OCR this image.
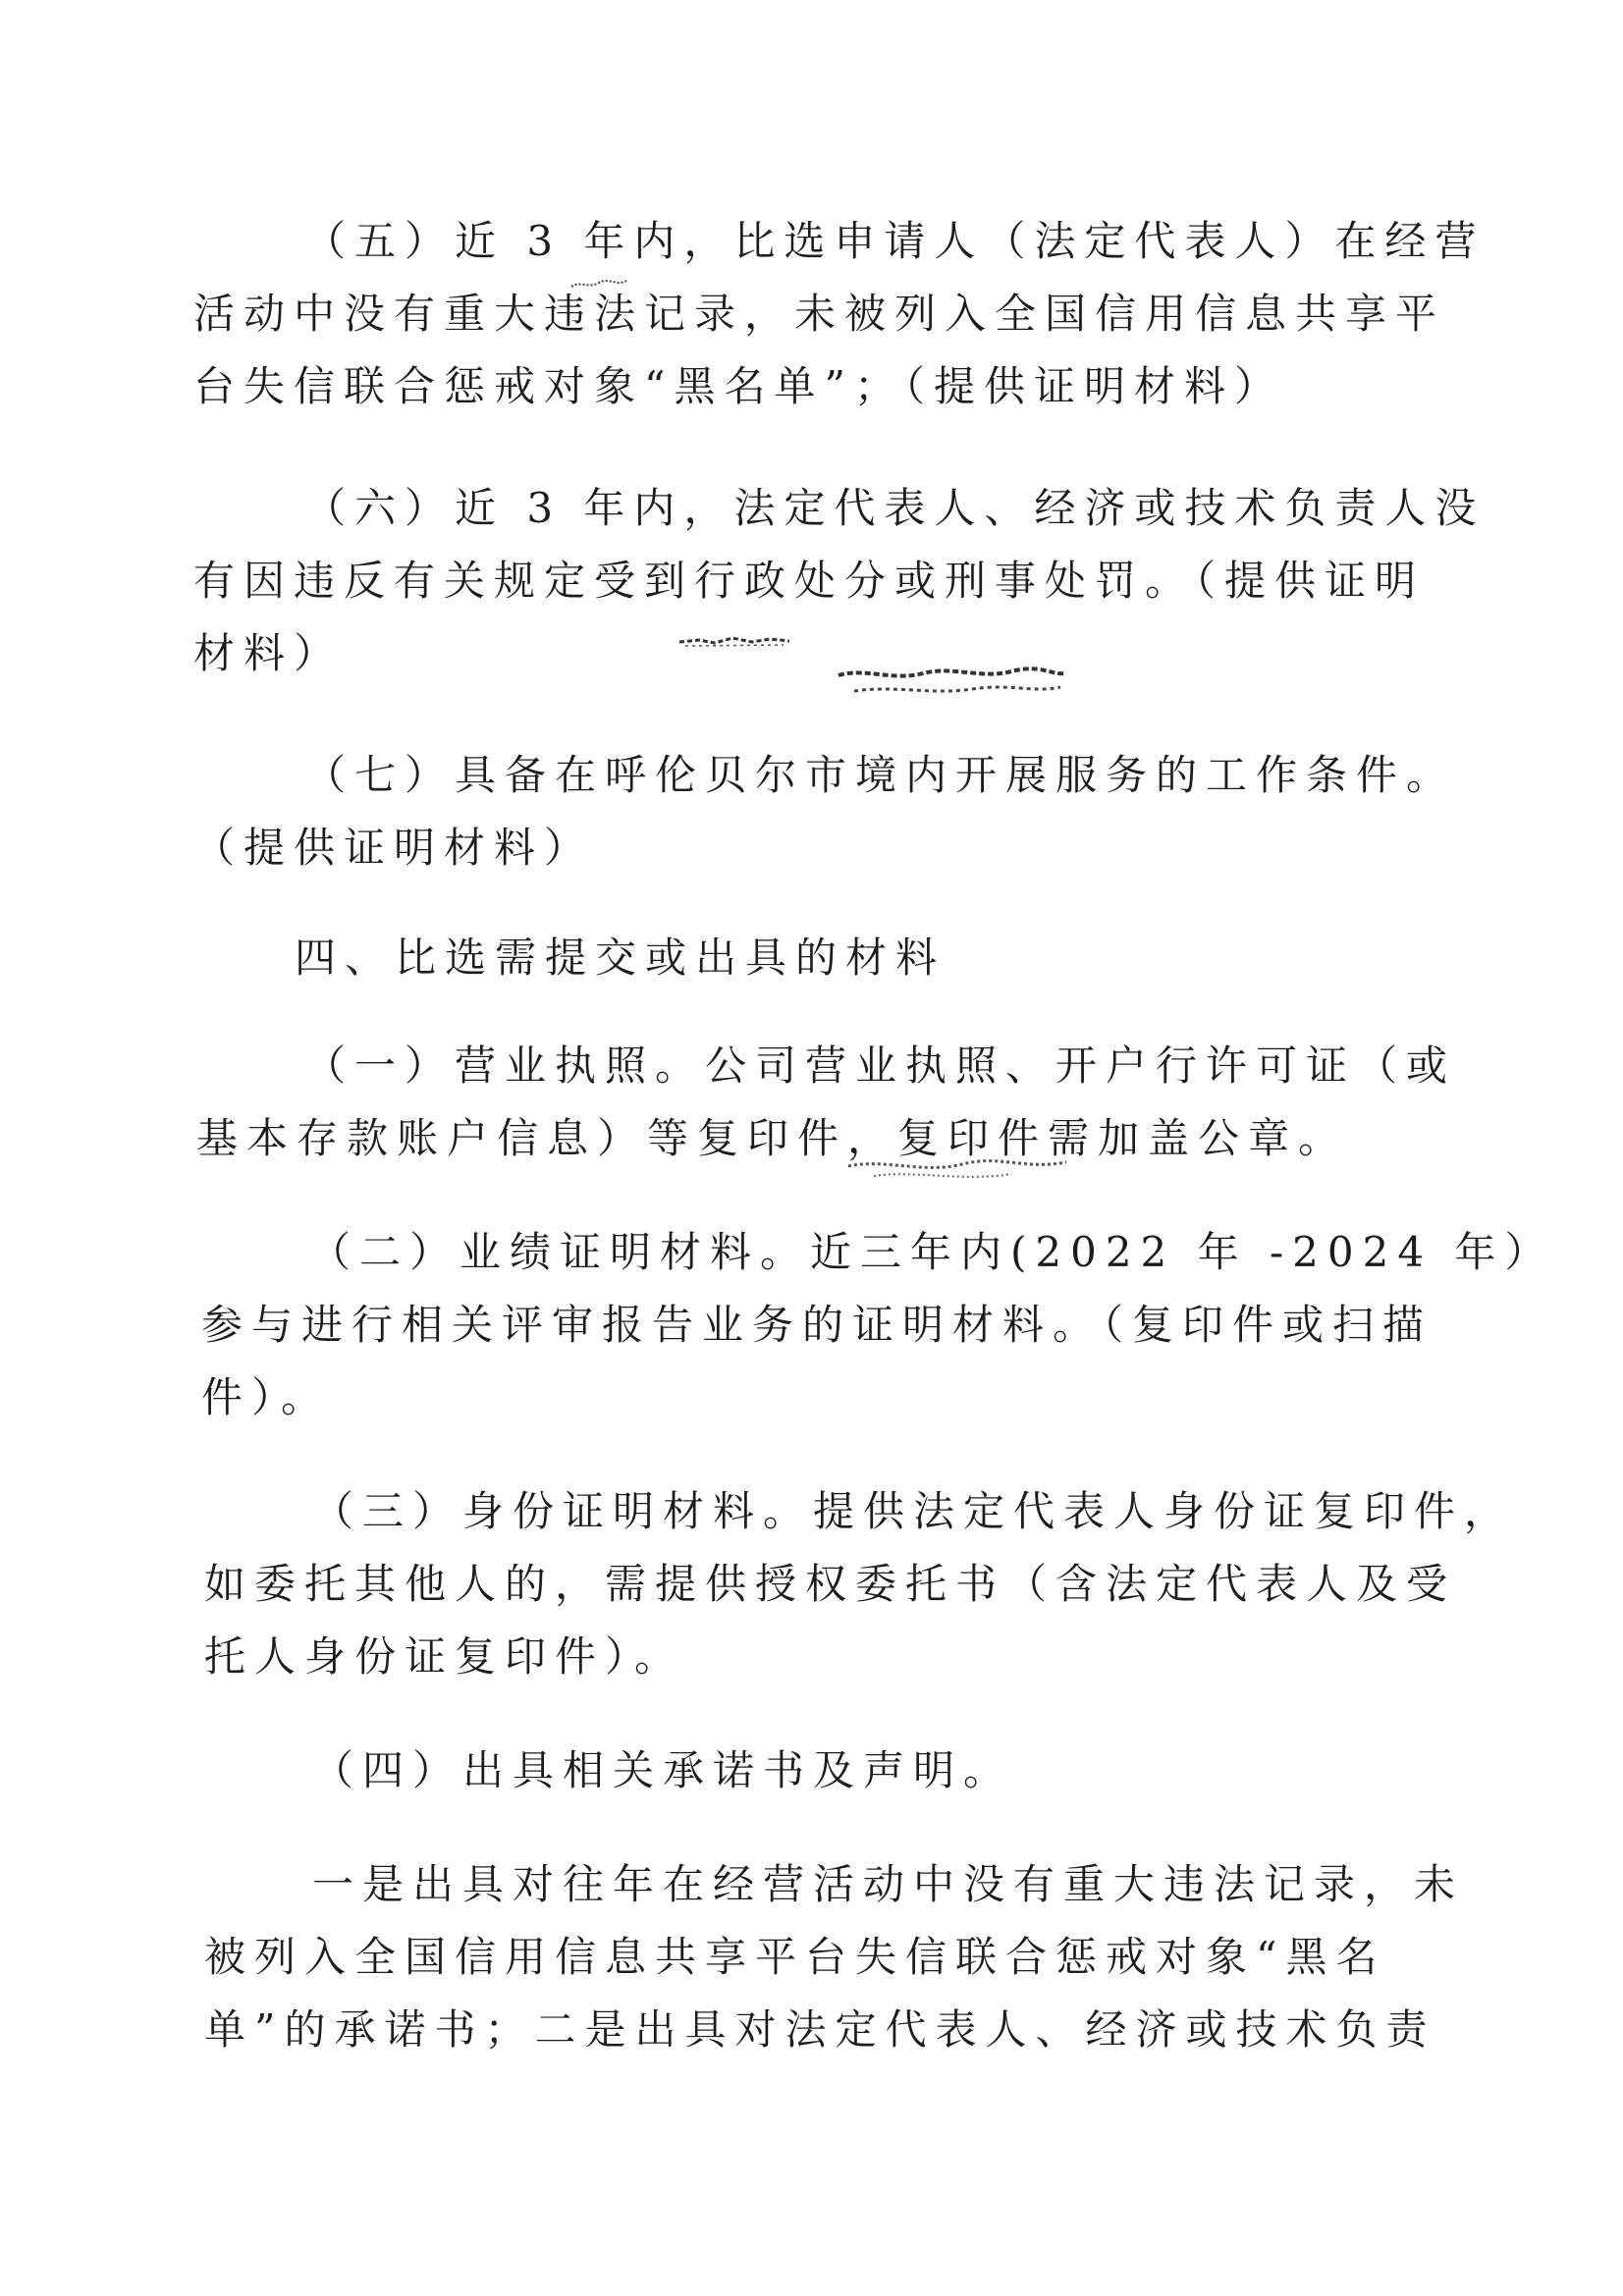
（五）近 3 年内，比选申请人（法定代表人）在经营
活动中没有重大违法记录，未被列入全国信用信息共享平
台失信联合惩戒对象“黑名单”；（提供证明材料）
（六）近 3 年内，法定代表人、经济或技术负责人没
有因违反有关规定受到行政处分或刑事处罚。（提供证明
材料）
（七）具备在呼伦贝尔市境内开展服务的工作条件。
（提供证明材料）
四、比选需提交或出具的材料
（一）营业执照。公司营业执照、开户行许可证（或
基本存款账户信息）等复印件，复印件需加盖公章。
（二）业绩证明材料。近三年内(2022 年 -2024 年）
参与进行相关评审报告业务的证明材料。（复印件或扫描
件）。
（三）身份证明材料。提供法定代表人身份证复印件，
如委托其他人的，需提供授权委托书（含法定代表人及受
托人身份证复印件）。
（四）出具相关承诺书及声明。
一是出具对往年在经营活动中没有重大违法记录，未
被列入全国信用信息共享平台失信联合惩戒对象“黑名
单”的承诺书；二是出具对法定代表人、经济或技术负责
